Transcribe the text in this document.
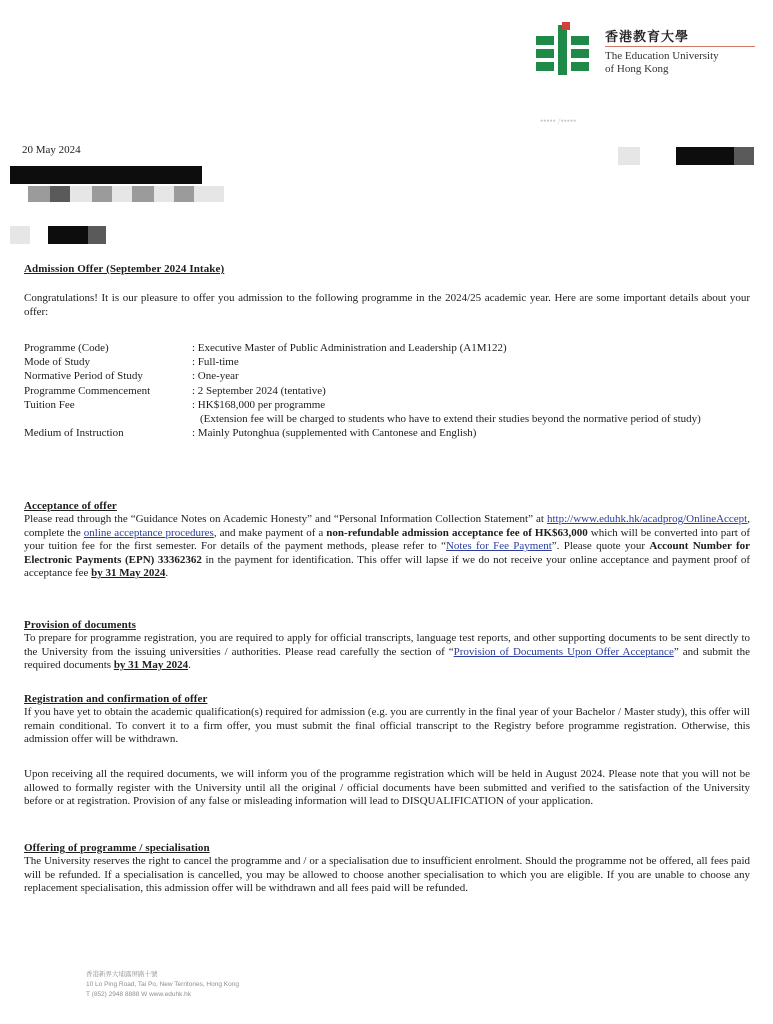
香港教育大學
The Education University
of Hong Kong
••••• /•••••
20 May 2024
Admission Offer (September 2024 Intake)

Congratulations! It is our pleasure to offer you admission to the following programme in the 2024/25 academic year. Here are some important details about your offer:

Programme (Code)	: Executive Master of Public Administration and Leadership (A1M122)
Mode of Study	: Full-time
Normative Period of Study	: One-year
Programme Commencement	: 2 September 2024 (tentative)
Tuition Fee	: HK$168,000 per programme
	(Extension fee will be charged to students who have to extend their studies beyond the normative period of study)
Medium of Instruction	: Mainly Putonghua (supplemented with Cantonese and English)
Acceptance of offer

Please read through the “Guidance Notes on Academic Honesty” and “Personal Information Collection Statement” at http://www.eduhk.hk/acadprog/OnlineAccept, complete the online acceptance procedures, and make payment of a non-refundable admission acceptance fee of HK$63,000 which will be converted into part of your tuition fee for the first semester. For details of the payment methods, please refer to “Notes for Fee Payment”. Please quote your Account Number for Electronic Payments (EPN) 33362362 in the payment for identification. This offer will lapse if we do not receive your online acceptance and payment proof of acceptance fee by 31 May 2024.

Provision of documents

To prepare for programme registration, you are required to apply for official transcripts, language test reports, and other supporting documents to be sent directly to the University from the issuing universities / authorities. Please read carefully the section of “Provision of Documents Upon Offer Acceptance” and submit the required documents by 31 May 2024.

Registration and confirmation of offer

If you have yet to obtain the academic qualification(s) required for admission (e.g. you are currently in the final year of your Bachelor / Master study), this offer will remain conditional. To convert it to a firm offer, you must submit the final official transcript to the Registry before programme registration. Otherwise, this admission offer will be withdrawn.

Upon receiving all the required documents, we will inform you of the programme registration which will be held in August 2024. Please note that you will not be allowed to formally register with the University until all the original / official documents have been submitted and verified to the satisfaction of the University before or at registration. Provision of any false or misleading information will lead to DISQUALIFICATION of your application.

Offering of programme / specialisation

The University reserves the right to cancel the programme and / or a specialisation due to insufficient enrolment. Should the programme not be offered, all fees paid will be refunded. If a specialisation is cancelled, you may be allowed to choose another specialisation to which you are eligible. If you are unable to choose any replacement specialisation, this admission offer will be withdrawn and all fees paid will be refunded.

香港新界大埔露屏路十號
10 Lo Ping Road, Tai Po, New Territories, Hong Kong
T (852) 2948 8888 W www.eduhk.hk
